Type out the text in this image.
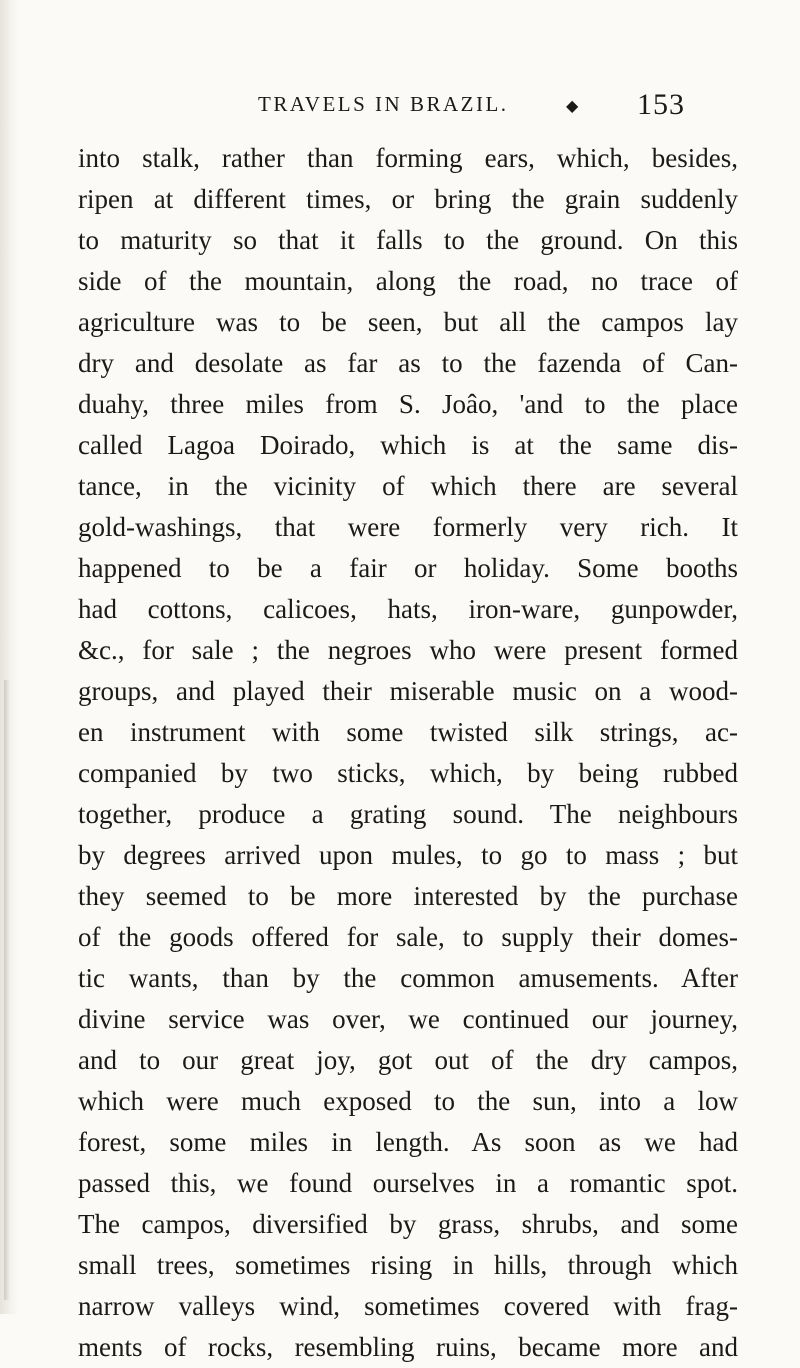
TRAVELS IN BRAZIL.	◆ 153
into stalk, rather than forming ears, which, besides,
ripen at different times, or bring the grain suddenly
to maturity so that it falls to the ground. On this
side of the mountain, along the road, no trace of
agriculture was to be seen, but all the campos lay
dry and desolate as far as to the fazenda of Can-
duahy, three miles from S. Joâo, 'and to the place
called Lagoa Doirado, which is at the same dis-
tance, in the vicinity of which there are several
gold-washings, that were formerly very rich. It
happened to be a fair or holiday. Some booths
had cottons, calicoes, hats, iron-ware, gunpowder,
&c., for sale ; the negroes who were present formed
groups, and played their miserable music on a wood-
en instrument with some twisted silk strings, ac-
companied by two sticks, which, by being rubbed
together, produce a grating sound. The neighbours
by degrees arrived upon mules, to go to mass ; but
they seemed to be more interested by the purchase
of the goods offered for sale, to supply their domes-
tic wants, than by the common amusements. After
divine service was over, we continued our journey,
and to our great joy, got out of the dry campos,
which were much exposed to the sun, into a low
forest, some miles in length. As soon as we had
passed this, we found ourselves in a romantic spot.
The campos, diversified by grass, shrubs, and some
small trees, sometimes rising in hills, through which
narrow valleys wind, sometimes covered with frag-
ments of rocks, resembling ruins, became more and
